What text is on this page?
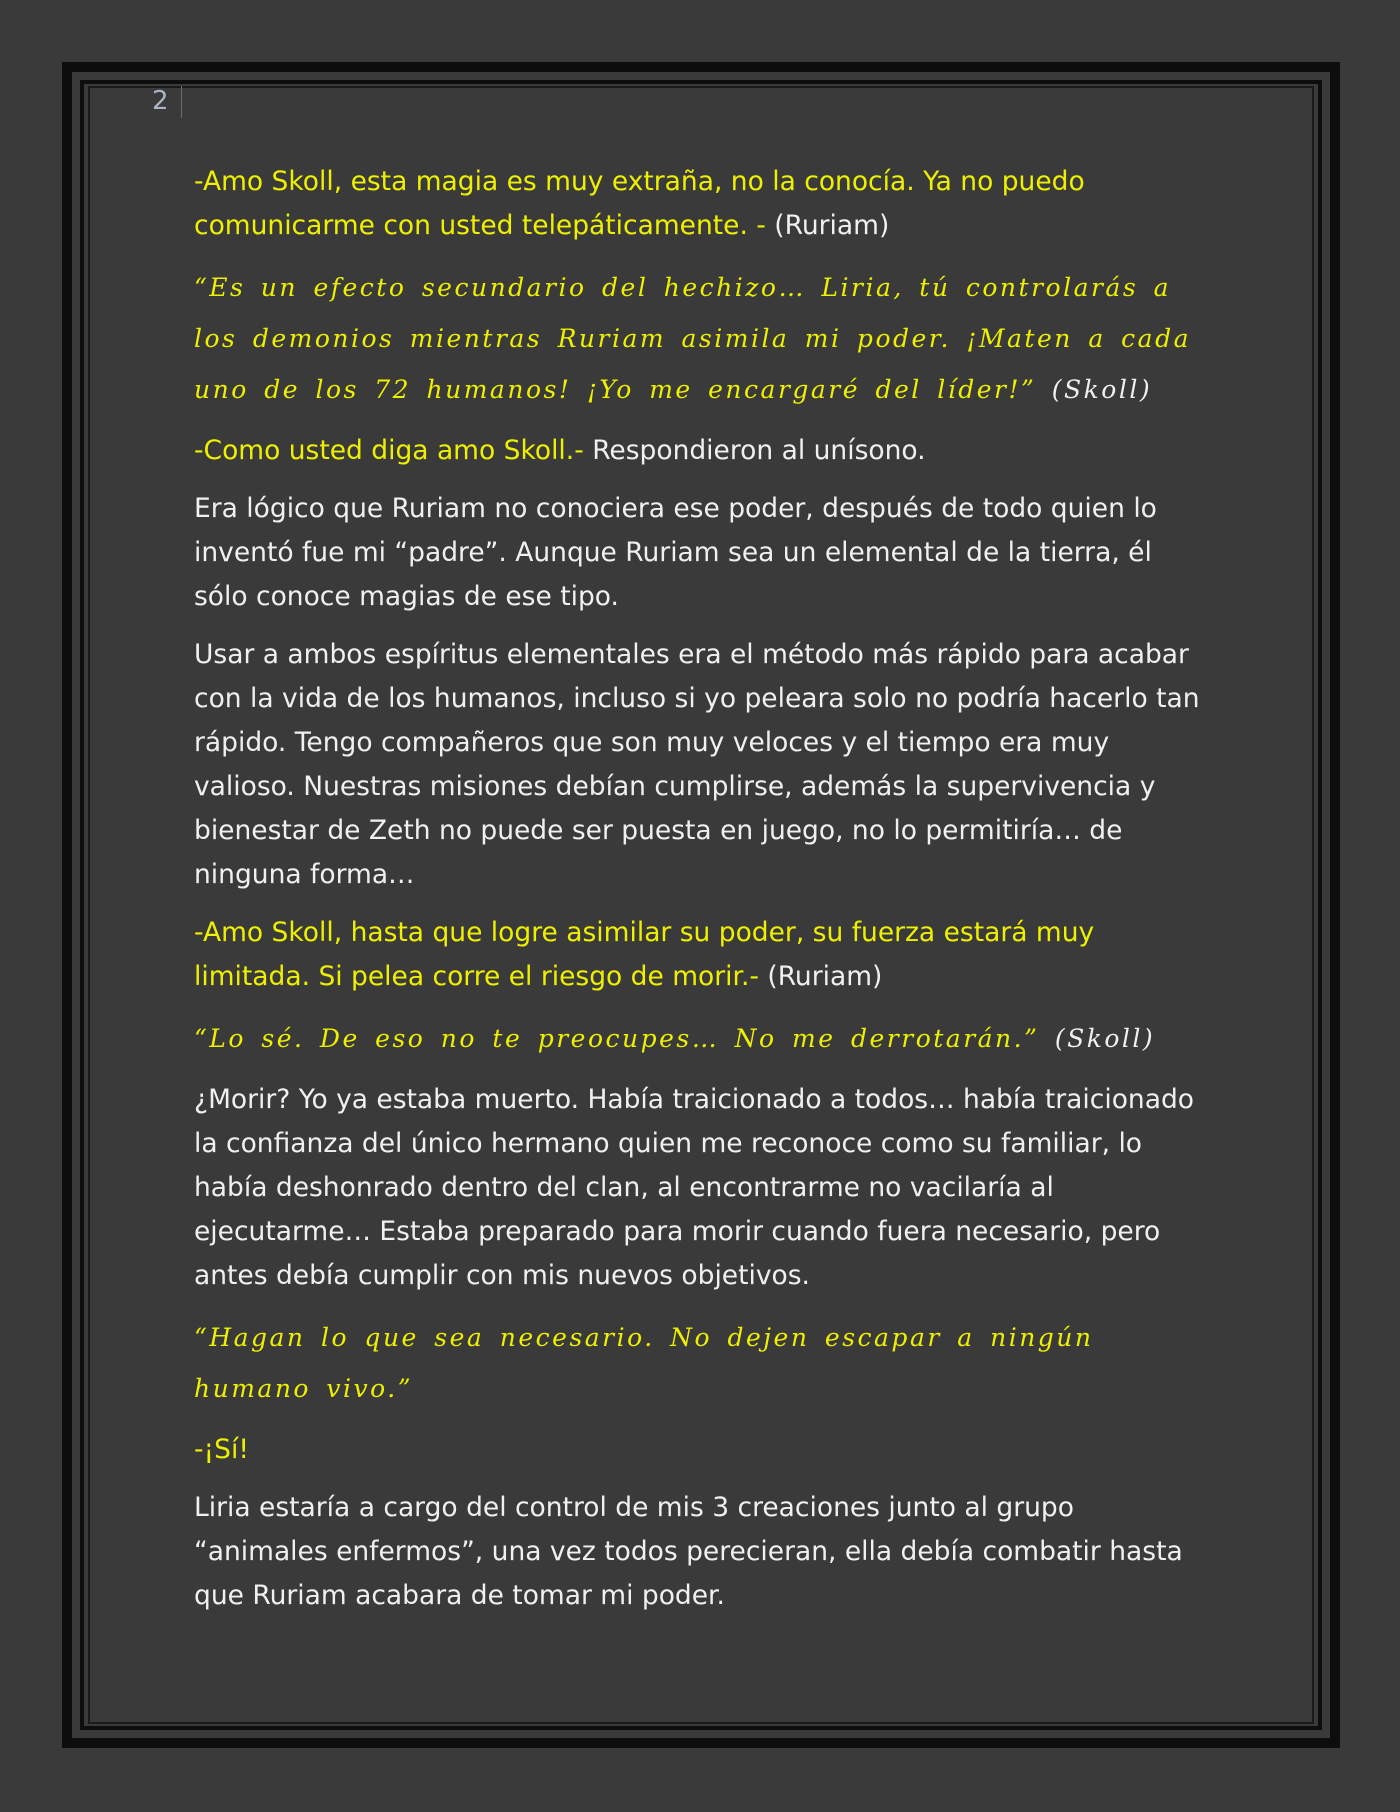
2

-Amo Skoll, esta magia es muy extraña, no la conocía. Ya no puedo comunicarme con usted telepáticamente. - (Ruriam)

“Es un efecto secundario del hechizo… Liria, tú controlarás a los demonios mientras Ruriam asimila mi poder. ¡Maten a cada uno de los 72 humanos! ¡Yo me encargaré del líder!” (Skoll)

-Como usted diga amo Skoll.- Respondieron al unísono.

Era lógico que Ruriam no conociera ese poder, después de todo quien lo inventó fue mi “padre”. Aunque Ruriam sea un elemental de la tierra, él sólo conoce magias de ese tipo.

Usar a ambos espíritus elementales era el método más rápido para acabar con la vida de los humanos, incluso si yo peleara solo no podría hacerlo tan rápido. Tengo compañeros que son muy veloces y el tiempo era muy valioso. Nuestras misiones debían cumplirse, además la supervivencia y bienestar de Zeth no puede ser puesta en juego, no lo permitiría… de ninguna forma…

-Amo Skoll, hasta que logre asimilar su poder, su fuerza estará muy limitada. Si pelea corre el riesgo de morir.- (Ruriam)

“Lo sé. De eso no te preocupes… No me derrotarán.” (Skoll)

¿Morir? Yo ya estaba muerto. Había traicionado a todos… había traicionado la confianza del único hermano quien me reconoce como su familiar, lo había deshonrado dentro del clan, al encontrarme no vacilaría al ejecutarme… Estaba preparado para morir cuando fuera necesario, pero antes debía cumplir con mis nuevos objetivos.

“Hagan lo que sea necesario. No dejen escapar a ningún humano vivo.”

-¡Sí!

Liria estaría a cargo del control de mis 3 creaciones junto al grupo “animales enfermos”, una vez todos perecieran, ella debía combatir hasta que Ruriam acabara de tomar mi poder.
